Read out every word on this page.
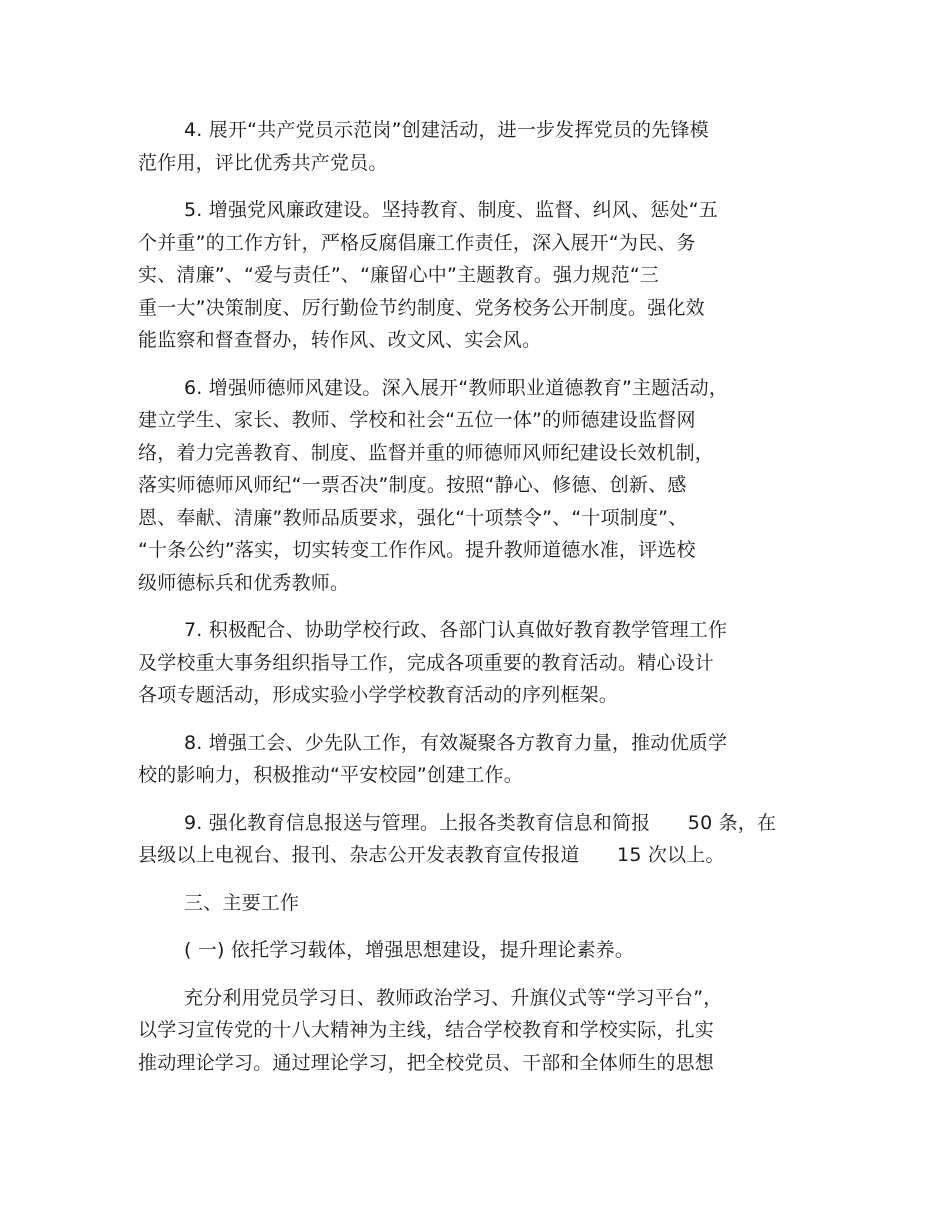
4. 展开“共产党员示范岗”创建活动，进一步发挥党员的先锋模
范作用，评比优秀共产党员。
5. 增强党风廉政建设。坚持教育、制度、监督、纠风、惩处“五
个并重”的工作方针，严格反腐倡廉工作责任，深入展开“为民、务
实、清廉”、“爱与责任”、“廉留心中”主题教育。强力规范“三
重一大”决策制度、厉行勤俭节约制度、党务校务公开制度。强化效
能监察和督查督办，转作风、改文风、实会风。
6. 增强师德师风建设。深入展开“教师职业道德教育”主题活动，
建立学生、家长、教师、学校和社会“五位一体”的师德建设监督网
络，着力完善教育、制度、监督并重的师德师风师纪建设长效机制，
落实师德师风师纪“一票否决”制度。按照“静心、修德、创新、感
恩、奉献、清廉”教师品质要求，强化“十项禁令”、“十项制度”、
“十条公约”落实，切实转变工作作风。提升教师道德水准，评选校
级师德标兵和优秀教师。
7. 积极配合、协助学校行政、各部门认真做好教育教学管理工作
及学校重大事务组织指导工作，完成各项重要的教育活动。精心设计
各项专题活动，形成实验小学学校教育活动的序列框架。
8. 增强工会、少先队工作，有效凝聚各方教育力量，推动优质学
校的影响力，积极推动“平安校园”创建工作。
9. 强化教育信息报送与管理。上报各类教育信息和简报      50 条，在
县级以上电视台、报刊、杂志公开发表教育宣传报道      15 次以上。
三、主要工作
( 一) 依托学习载体，增强思想建设，提升理论素养。
充分利用党员学习日、教师政治学习、升旗仪式等“学习平台”，
以学习宣传党的十八大精神为主线，结合学校教育和学校实际，扎实
推动理论学习。通过理论学习，把全校党员、干部和全体师生的思想
